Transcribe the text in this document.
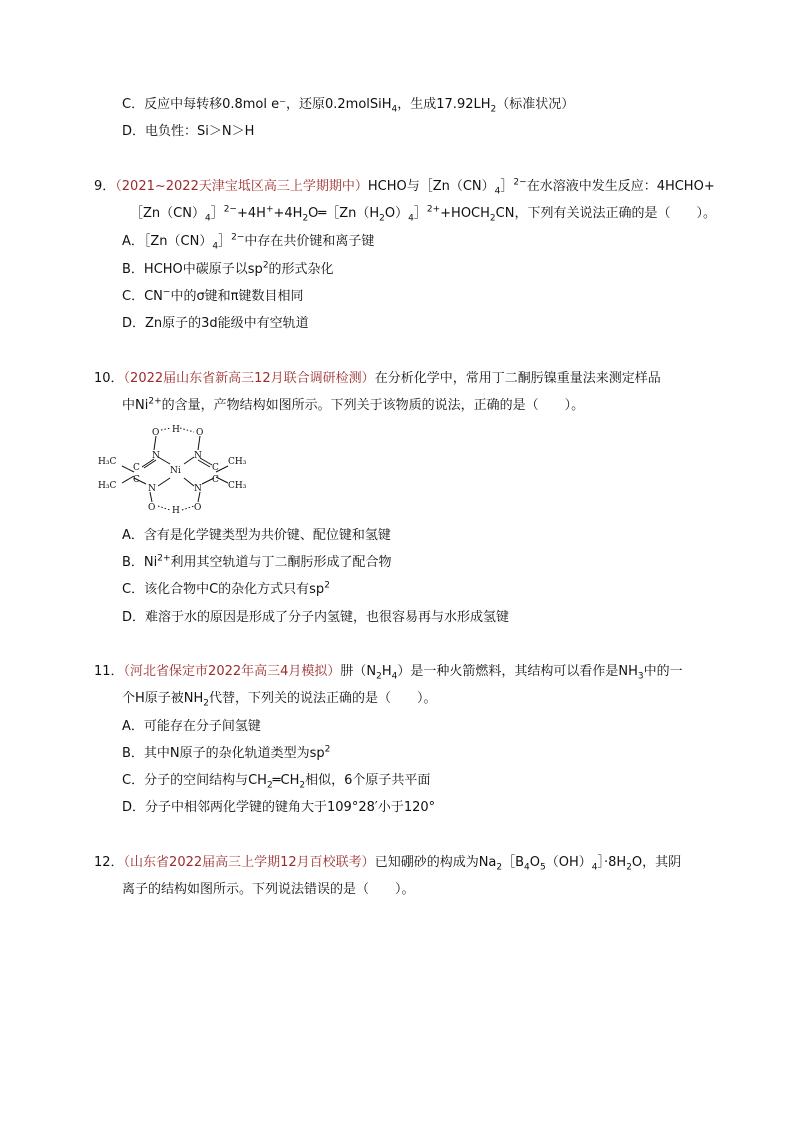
C．反应中每转移0.8mol e⁻，还原0.2molSiH$_4$，生成$17.92LH_2$（标准状况）
D．电负性：Si＞N＞H
9．（2021~2022天津宝坻区高三上学期期中）HCHO与$[Zn(CN)_4]^{2-}$在水溶液中发生反应：4HCHO+
$[Zn(CN)_4]^{2-}+4H^++4H_2O═[Zn(H_2O)_4]^{2+}+HOCH_2CN$，下列有关说法正确的是（　　）。
A．$[Zn(CN)_4]^{2-}$中存在共价键和离子键
B．HCHO中碳原子以$sp^2$的形式杂化
C．CN−中的σ键和π键数目相同
D．Zn原子的3d能级中有空轨道
10．（2022届山东省新高三12月联合调研检测）在分析化学中，常用丁二酮肟镍重量法来测定样品
中$Ni^{2+}$的含量，产物结构如图所示。下列关于该物质的说法，正确的是（　　）。
O H O
N	N
Ni
C	C
H₃C	CH₃
C	C
H₃C	CH₃
N	N
O H O
A．含有是化学键类型为共价键、配位键和氢键
B．$Ni^{2+}$利用其空轨道与丁二酮肟形成了配合物
C．该化合物中C的杂化方式只有$sp^2$
D．难溶于水的原因是形成了分子内氢键，也很容易再与水形成氢键
11．（河北省保定市2022年高三4月模拟）肼$(N_2H_4)$是一种火箭燃料，其结构可以看作是$NH_3$中的一
个H原子被$NH_2$代替，下列关的说法正确的是（　　）。
A．可能存在分子间氢键
B．其中N原子的杂化轨道类型为$sp^2$
C．分子的空间结构与$CH_2═CH_2$相似，6个原子共平面
D．分子中相邻两化学键的键角大于109°28′小于120°
12．（山东省2022届高三上学期12月百校联考）已知硼砂的构成为$Na_2[B_4O_5(OH)_4]\cdot 8H_2O$，其阴
离子的结构如图所示。下列说法错误的是（　　）。
